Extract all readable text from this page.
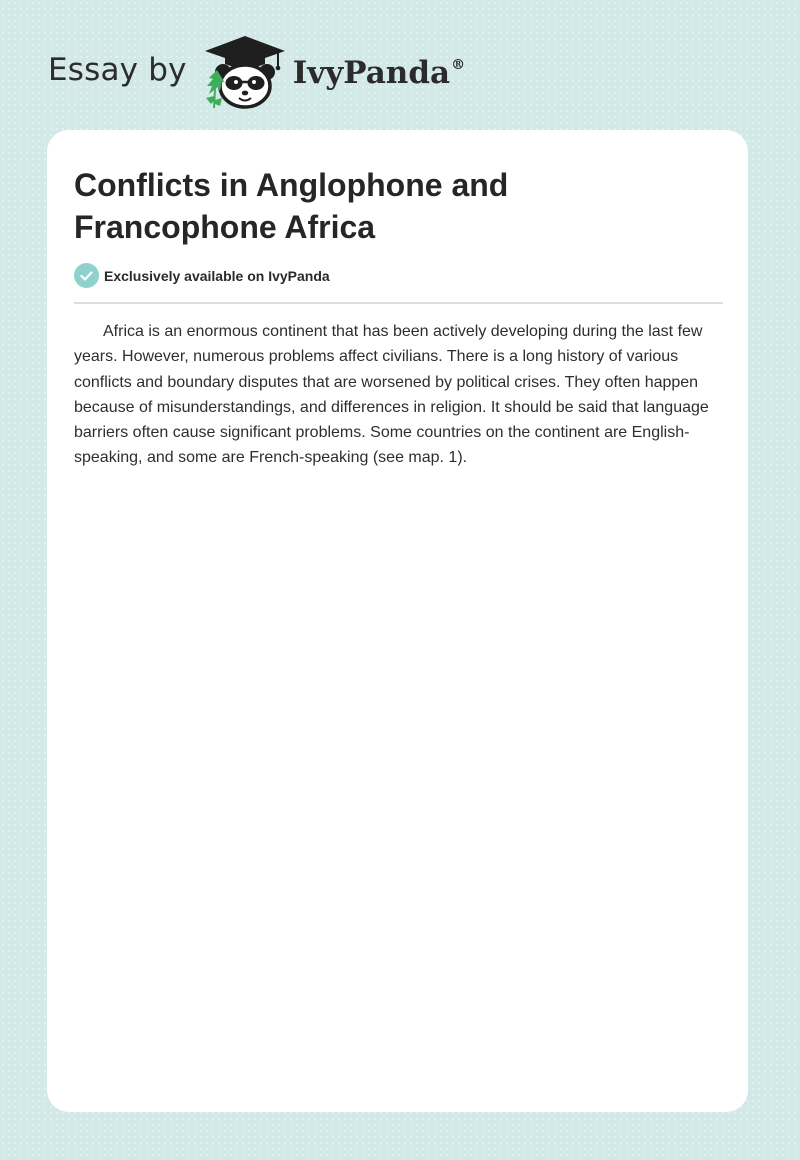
Essay by	IvyPanda®
Conflicts in Anglophone and Francophone Africa
Exclusively available on IvyPanda

Africa is an enormous continent that has been actively developing during the last few years. However, numerous problems affect civilians. There is a long history of various conflicts and boundary disputes that are worsened by political crises. They often happen because of misunderstandings, and differences in religion. It should be said that language barriers often cause significant problems. Some countries on the continent are English-speaking, and some are French-speaking (see map. 1).
